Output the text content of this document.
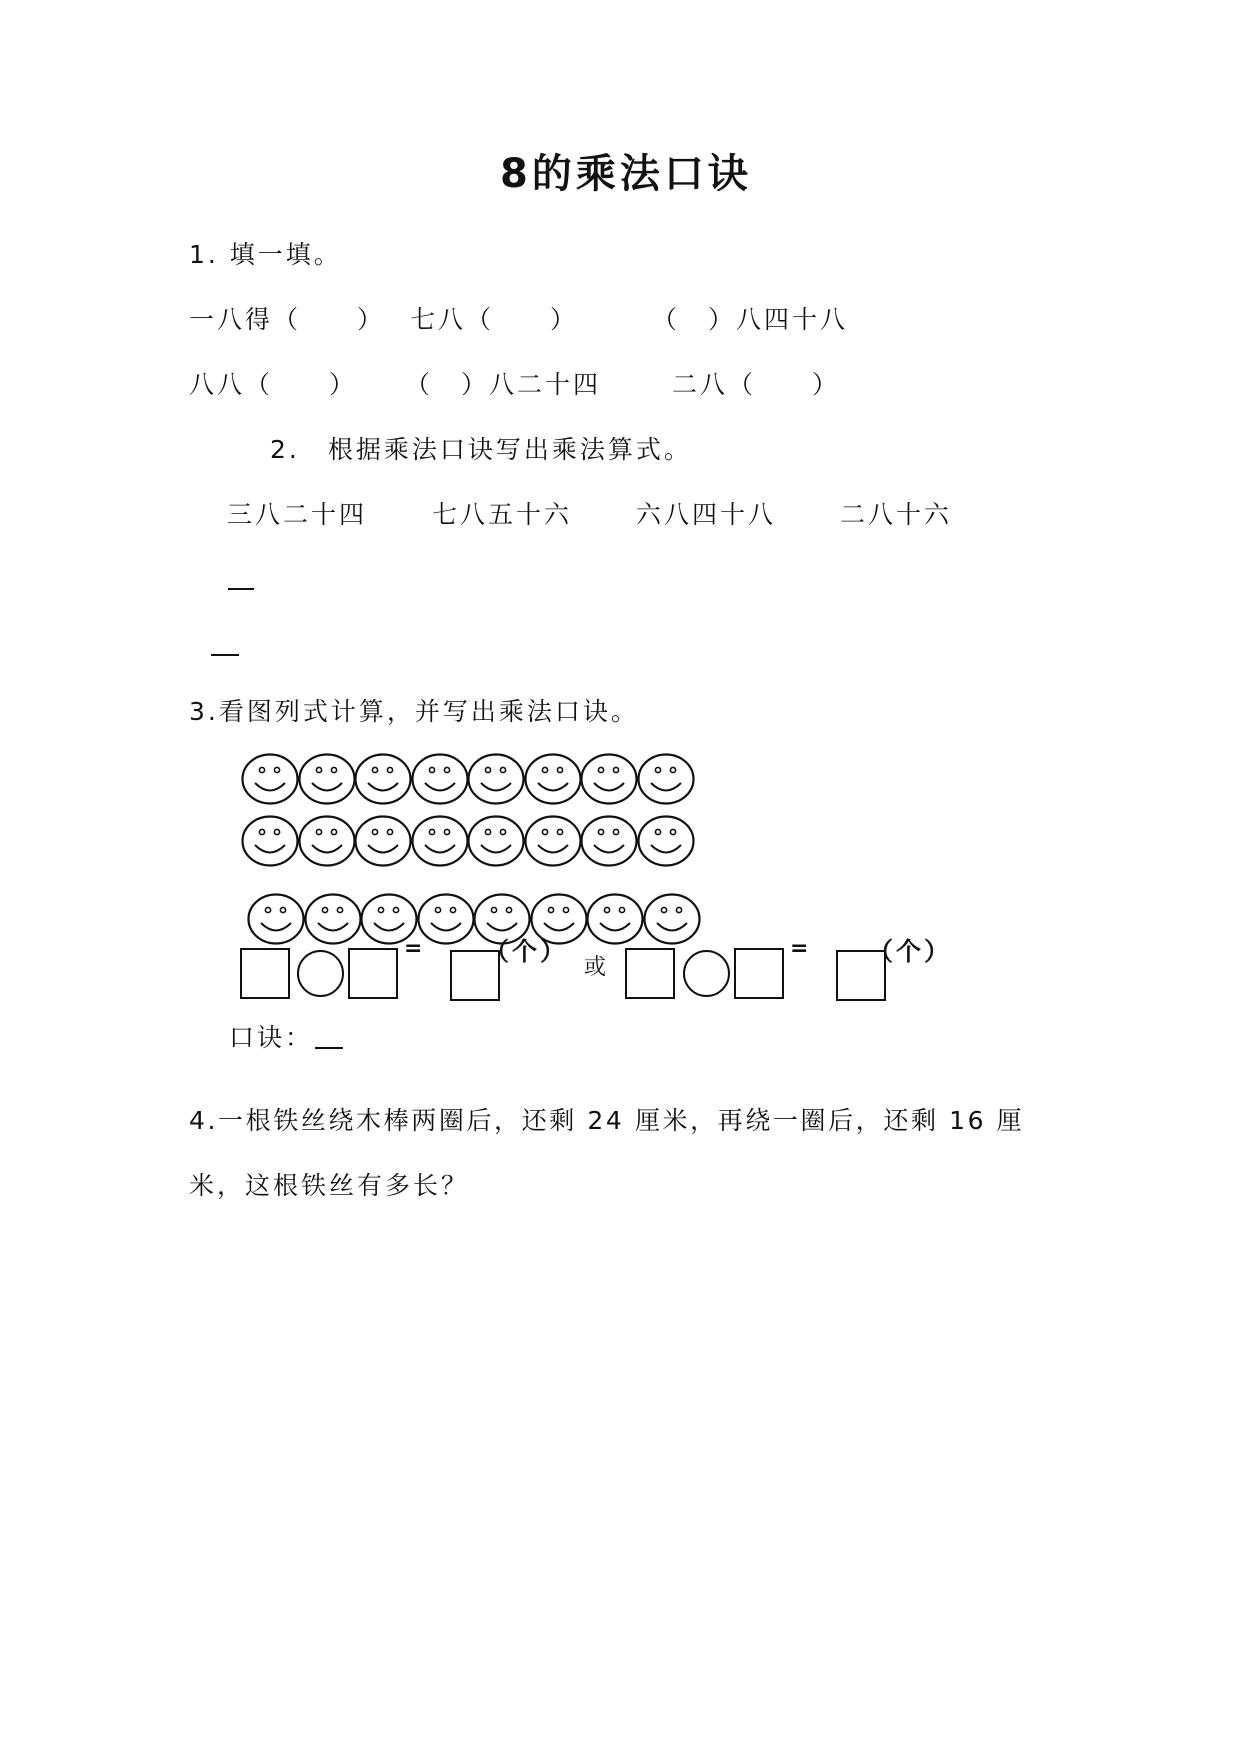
8的乘法口诀
1. 填一填。
一八得（　　） 七八（　　）	（　）八四十八
八八（　　） （　）八二十四	二八（　　）
2.　根据乘法口诀写出乘法算式。
三八二十四	七八五十六	六八四十八	二八十六
3.看图列式计算，并写出乘法口诀。
= （个）
或
= （个）
口诀：
4.一根铁丝绕木棒两圈后，还剩 24 厘米，再绕一圈后，还剩 16 厘
米，这根铁丝有多长？
